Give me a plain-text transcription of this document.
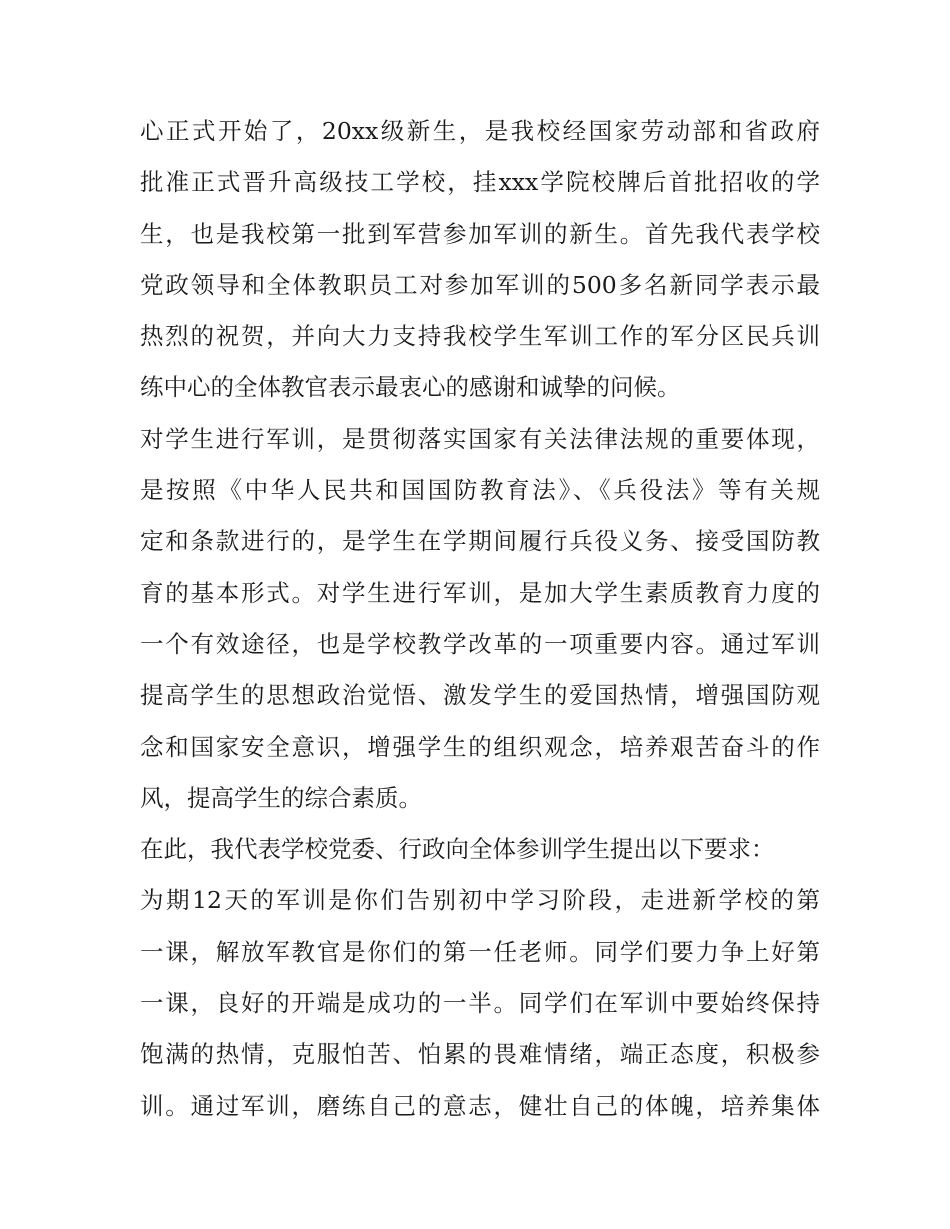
心正式开始了，20xx级新生，是我校经国家劳动部和省政府
批准正式晋升高级技工学校，挂xxx学院校牌后首批招收的学
生，也是我校第一批到军营参加军训的新生。首先我代表学校
党政领导和全体教职员工对参加军训的500多名新同学表示最
热烈的祝贺，并向大力支持我校学生军训工作的军分区民兵训
练中心的全体教官表示最衷心的感谢和诚挚的问候。
对学生进行军训，是贯彻落实国家有关法律法规的重要体现，
是按照《中华人民共和国国防教育法》、《兵役法》等有关规
定和条款进行的，是学生在学期间履行兵役义务、接受国防教
育的基本形式。对学生进行军训，是加大学生素质教育力度的
一个有效途径，也是学校教学改革的一项重要内容。通过军训
提高学生的思想政治觉悟、激发学生的爱国热情，增强国防观
念和国家安全意识，增强学生的组织观念，培养艰苦奋斗的作
风，提高学生的综合素质。
在此，我代表学校党委、行政向全体参训学生提出以下要求：
为期12天的军训是你们告别初中学习阶段，走进新学校的第
一课，解放军教官是你们的第一任老师。同学们要力争上好第
一课，良好的开端是成功的一半。同学们在军训中要始终保持
饱满的热情，克服怕苦、怕累的畏难情绪，端正态度，积极参
训。通过军训，磨练自己的意志，健壮自己的体魄，培养集体
